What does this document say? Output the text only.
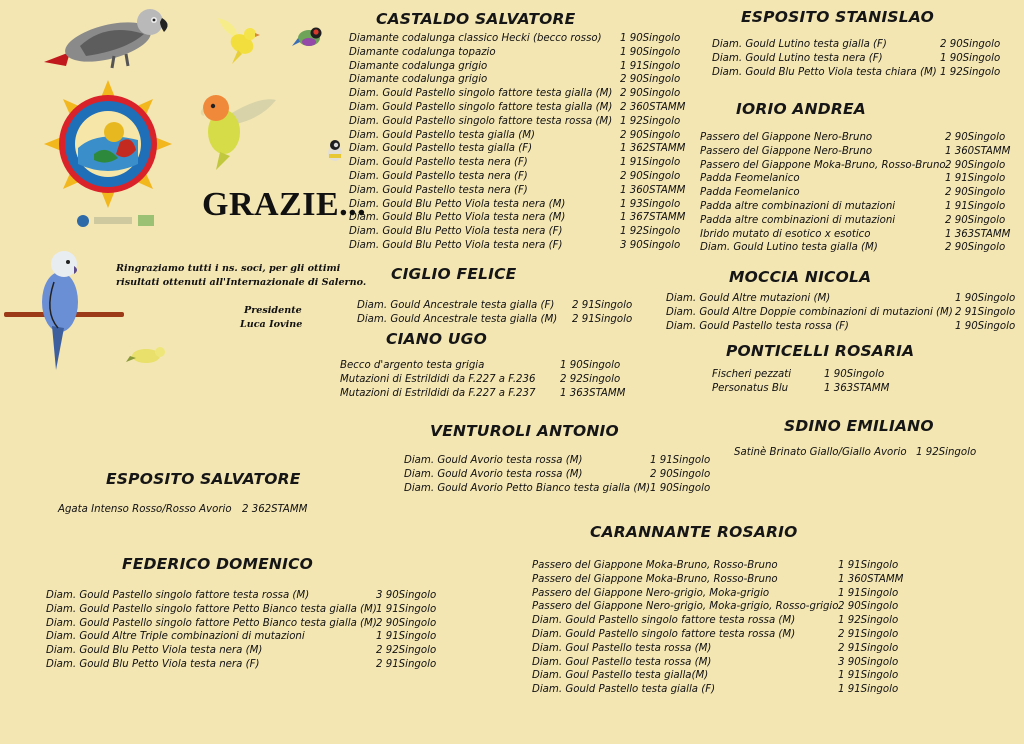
GRAZIE...
Ringraziamo tutti i ns. soci, per gli ottimi
risultati ottenuti all'Internazionale di Salerno.
Presidente
Luca Iovine
CASTALDO SALVATORE
Diamante codalunga classico Hecki (becco rosso) 1 90Singolo
Diamante codalunga topazio	1 90Singolo
Diamante codalunga grigio	1 91Singolo
Diamante codalunga grigio	2 90Singolo
Diam. Gould Pastello singolo fattore testa gialla (M) 2 90Singolo
Diam. Gould Pastello singolo fattore testa gialla (M) 2 360STAMM
Diam. Gould Pastello singolo fattore testa rossa (M) 1 92Singolo
Diam. Gould Pastello testa gialla (M)	2 90Singolo
Diam. Gould Pastello testa gialla (F)	1 362STAMM
Diam. Gould Pastello testa nera (F)	1 91Singolo
Diam. Gould Pastello testa nera (F)	2 90Singolo
Diam. Gould Pastello testa nera (F)	1 360STAMM
Diam. Gould Blu Petto Viola testa nera (M)	1 93Singolo
Diam. Gould Blu Petto Viola testa nera (M)	1 367STAMM
Diam. Gould Blu Petto Viola testa nera (F)	1 92Singolo
Diam. Gould Blu Petto Viola testa nera (F)	3 90Singolo
ESPOSITO STANISLAO
Diam. Gould Lutino testa gialla (F)	2 90Singolo
Diam. Gould Lutino testa nera (F)	1 90Singolo
Diam. Gould Blu Petto Viola testa chiara (M) 1 92Singolo
IORIO ANDREA
Passero del Giappone Nero-Bruno	2 90Singolo
Passero del Giappone Nero-Bruno	1 360STAMM
Passero del Giappone Moka-Bruno, Rosso-Bruno 2 90Singolo
Padda Feomelanico	1 91Singolo
Padda Feomelanico	2 90Singolo
Padda altre combinazioni di mutazioni	1 91Singolo
Padda altre combinazioni di mutazioni	2 90Singolo
Ibrido mutato di esotico x esotico	1 363STAMM
Diam. Gould Lutino testa gialla (M)	2 90Singolo
CIGLIO FELICE
Diam. Gould Ancestrale testa gialla (F) 2 91Singolo
Diam. Gould Ancestrale testa gialla (M) 2 91Singolo
MOCCIA NICOLA
Diam. Gould Altre mutazioni (M)	1 90Singolo
Diam. Gould Altre Doppie combinazioni di mutazioni (M) 2 91Singolo
Diam. Gould Pastello testa rossa (F)	1 90Singolo
CIANO UGO
Becco d'argento testa grigia	1 90Singolo
Mutazioni di Estrildidi da F.227 a F.236 2 92Singolo
Mutazioni di Estrildidi da F.227 a F.237 1 363STAMM
PONTICELLI ROSARIA
Fischeri pezzati	1 90Singolo
Personatus Blu	1 363STAMM
SDINO EMILIANO
Satinè Brinato Giallo/Giallo Avorio 1 92Singolo
VENTUROLI ANTONIO
Diam. Gould Avorio testa rossa (M)	1 91Singolo
Diam. Gould Avorio testa rossa (M)	2 90Singolo
Diam. Gould Avorio Petto Bianco testa gialla (M) 1 90Singolo
ESPOSITO SALVATORE
Agata Intenso Rosso/Rosso Avorio 2 362STAMM
CARANNANTE ROSARIO
Passero del Giappone Moka-Bruno, Rosso-Bruno	1 91Singolo
Passero del Giappone Moka-Bruno, Rosso-Bruno	1 360STAMM
Passero del Giappone Nero-grigio, Moka-grigio	1 91Singolo
Passero del Giappone Nero-grigio, Moka-grigio, Rosso-grigio 2 90Singolo
Diam. Gould Pastello singolo fattore testa rossa (M)	1 92Singolo
Diam. Gould Pastello singolo fattore testa rossa (M)	2 91Singolo
Diam. Goul Pastello testa rossa (M)	2 91Singolo
Diam. Goul Pastello testa rossa (M)	3 90Singolo
Diam. Goul Pastello testa gialla(M)	1 91Singolo
Diam. Gould Pastello testa gialla (F)	1 91Singolo
FEDERICO DOMENICO
Diam. Gould Pastello singolo fattore testa rossa (M)	3 90Singolo
Diam. Gould Pastello singolo fattore Petto Bianco testa gialla (M) 1 91Singolo
Diam. Gould Pastello singolo fattore Petto Bianco testa gialla (M) 2 90Singolo
Diam. Gould Altre Triple combinazioni di mutazioni	1 91Singolo
Diam. Gould Blu Petto Viola testa nera (M)	2 92Singolo
Diam. Gould Blu Petto Viola testa nera (F)	2 91Singolo
